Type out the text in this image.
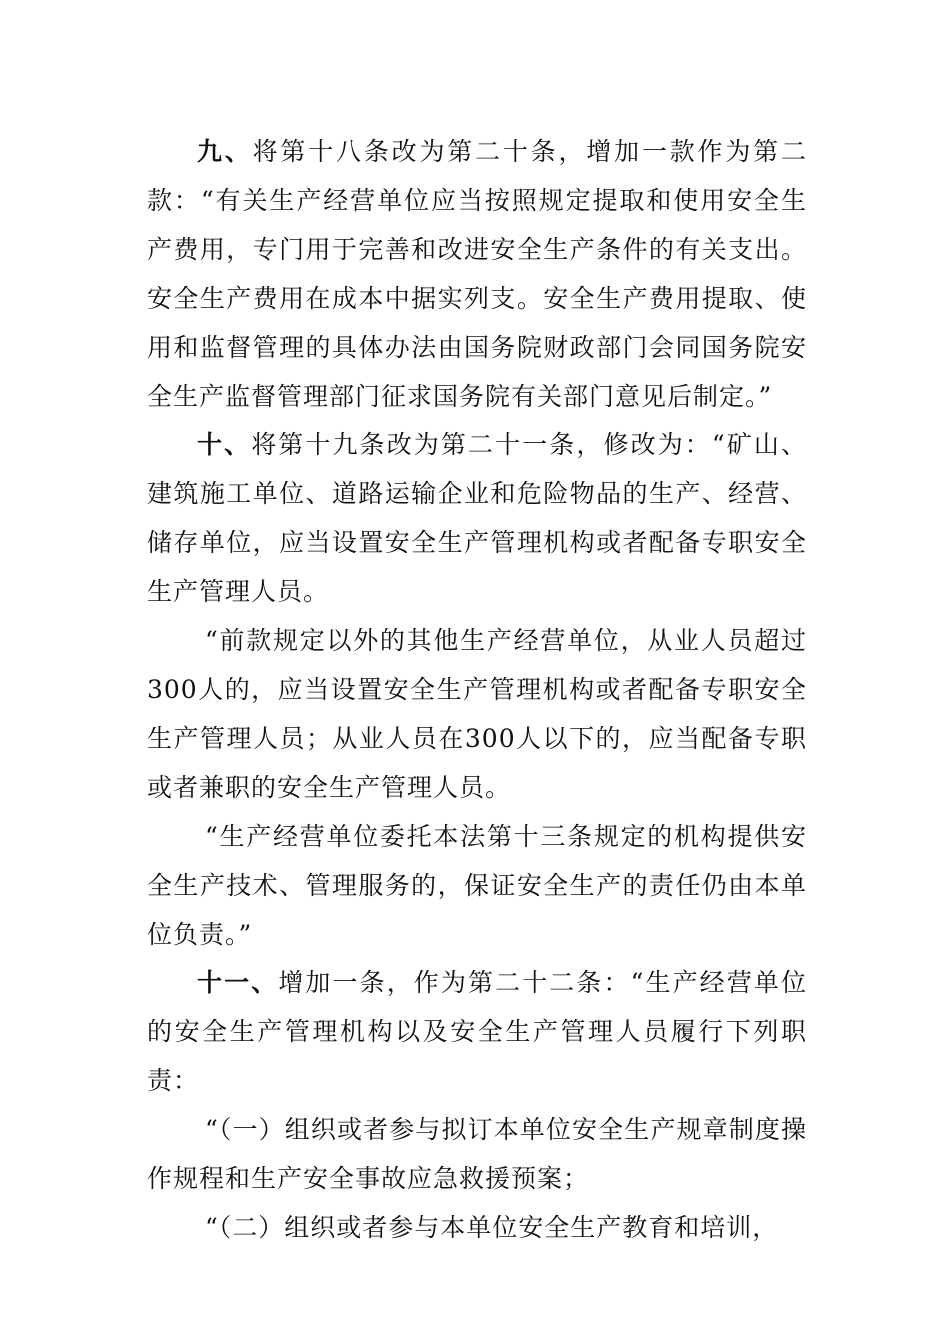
九、将第十八条改为第二十条，增加一款作为第二款：“有关生产经营单位应当按照规定提取和使用安全生产费用，专门用于完善和改进安全生产条件的有关支出。安全生产费用在成本中据实列支。安全生产费用提取、使用和监督管理的具体办法由国务院财政部门会同国务院安全生产监督管理部门征求国务院有关部门意见后制定。”

十、将第十九条改为第二十一条，修改为：“矿山、建筑施工单位、道路运输企业和危险物品的生产、经营、储存单位，应当设置安全生产管理机构或者配备专职安全生产管理人员。

“前款规定以外的其他生产经营单位，从业人员超过300人的，应当设置安全生产管理机构或者配备专职安全生产管理人员；从业人员在300人以下的，应当配备专职或者兼职的安全生产管理人员。

“生产经营单位委托本法第十三条规定的机构提供安全生产技术、管理服务的，保证安全生产的责任仍由本单位负责。”

十一、增加一条，作为第二十二条：“生产经营单位的安全生产管理机构以及安全生产管理人员履行下列职责：

“（一）组织或者参与拟订本单位安全生产规章制度操作规程和生产安全事故应急救援预案；

“（二）组织或者参与本单位安全生产教育和培训，
